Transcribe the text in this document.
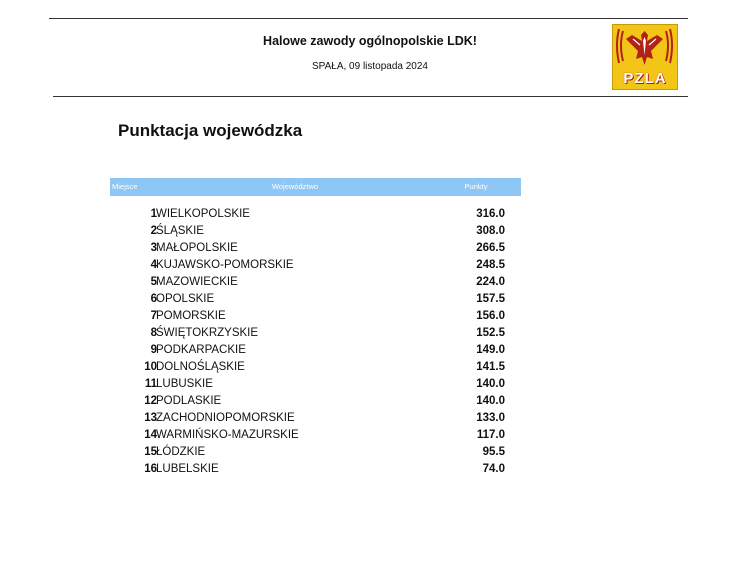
Halowe zawody ogólnopolskie LDK!
SPAŁA, 09 listopada 2024
PZLA
Punktacja wojewódzka
Miejsce	Województwo	Punkty
1 WIELKOPOLSKIE	316.0
2 ŚLĄSKIE	308.0
3 MAŁOPOLSKIE	266.5
4 KUJAWSKO-POMORSKIE	248.5
5 MAZOWIECKIE	224.0
6 OPOLSKIE	157.5
7 POMORSKIE	156.0
8 ŚWIĘTOKRZYSKIE	152.5
9 PODKARPACKIE	149.0
10 DOLNOŚLĄSKIE	141.5
11 LUBUSKIE	140.0
12 PODLASKIE	140.0
13 ZACHODNIOPOMORSKIE	133.0
14 WARMIŃSKO-MAZURSKIE	117.0
15 ŁÓDZKIE	95.5
16 LUBELSKIE	74.0
